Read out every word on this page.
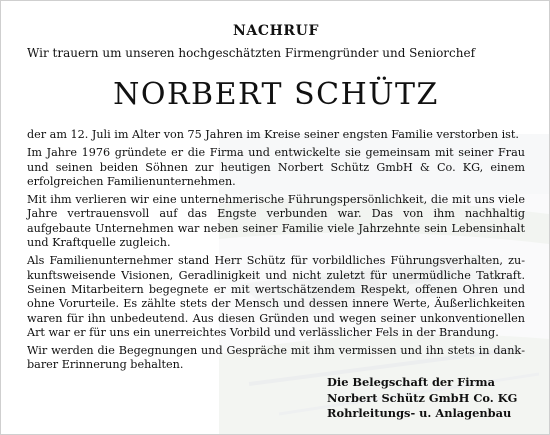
NACHRUF
Wir trauern um unseren hochgeschätzten Firmengründer und Seniorchef
NORBERT SCHÜTZ

der am 12. Juli im Alter von 75 Jahren im Kreise seiner engsten Familie verstorben ist.

Im Jahre 1976 gründete er die Firma und entwickelte sie gemeinsam mit seiner Frau und seinen beiden Söhnen zur heutigen Norbert Schütz GmbH & Co. KG, einem erfolgreichen Familienunternehmen.

Mit ihm verlieren wir eine unternehmerische Führungspersönlichkeit, die mit uns viele Jahre vertrauensvoll auf das Engste verbunden war. Das von ihm nachhaltig aufgebaute Unternehmen war neben seiner Familie viele Jahrzehnte sein Lebensinhalt und Kraftquelle zugleich.

Als Familienunternehmer stand Herr Schütz für vorbildliches Führungsverhalten, zukunftsweisende Visionen, Geradlinigkeit und nicht zuletzt für unermüdliche Tatkraft. Seinen Mitarbeitern begegnete er mit wertschätzendem Respekt, offenen Ohren und ohne Vorurteile. Es zählte stets der Mensch und dessen innere Werte, Äußerlichkeiten waren für ihn unbedeutend. Aus diesen Gründen und wegen seiner unkonventionellen Art war er für uns ein unerreichtes Vorbild und verlässlicher Fels in der Brandung.

Wir werden die Begegnungen und Gespräche mit ihm vermissen und ihn stets in dankbarer Erinnerung behalten.

Die Belegschaft der Firma
Norbert Schütz GmbH Co. KG
Rohrleitungs- u. Anlagenbau
